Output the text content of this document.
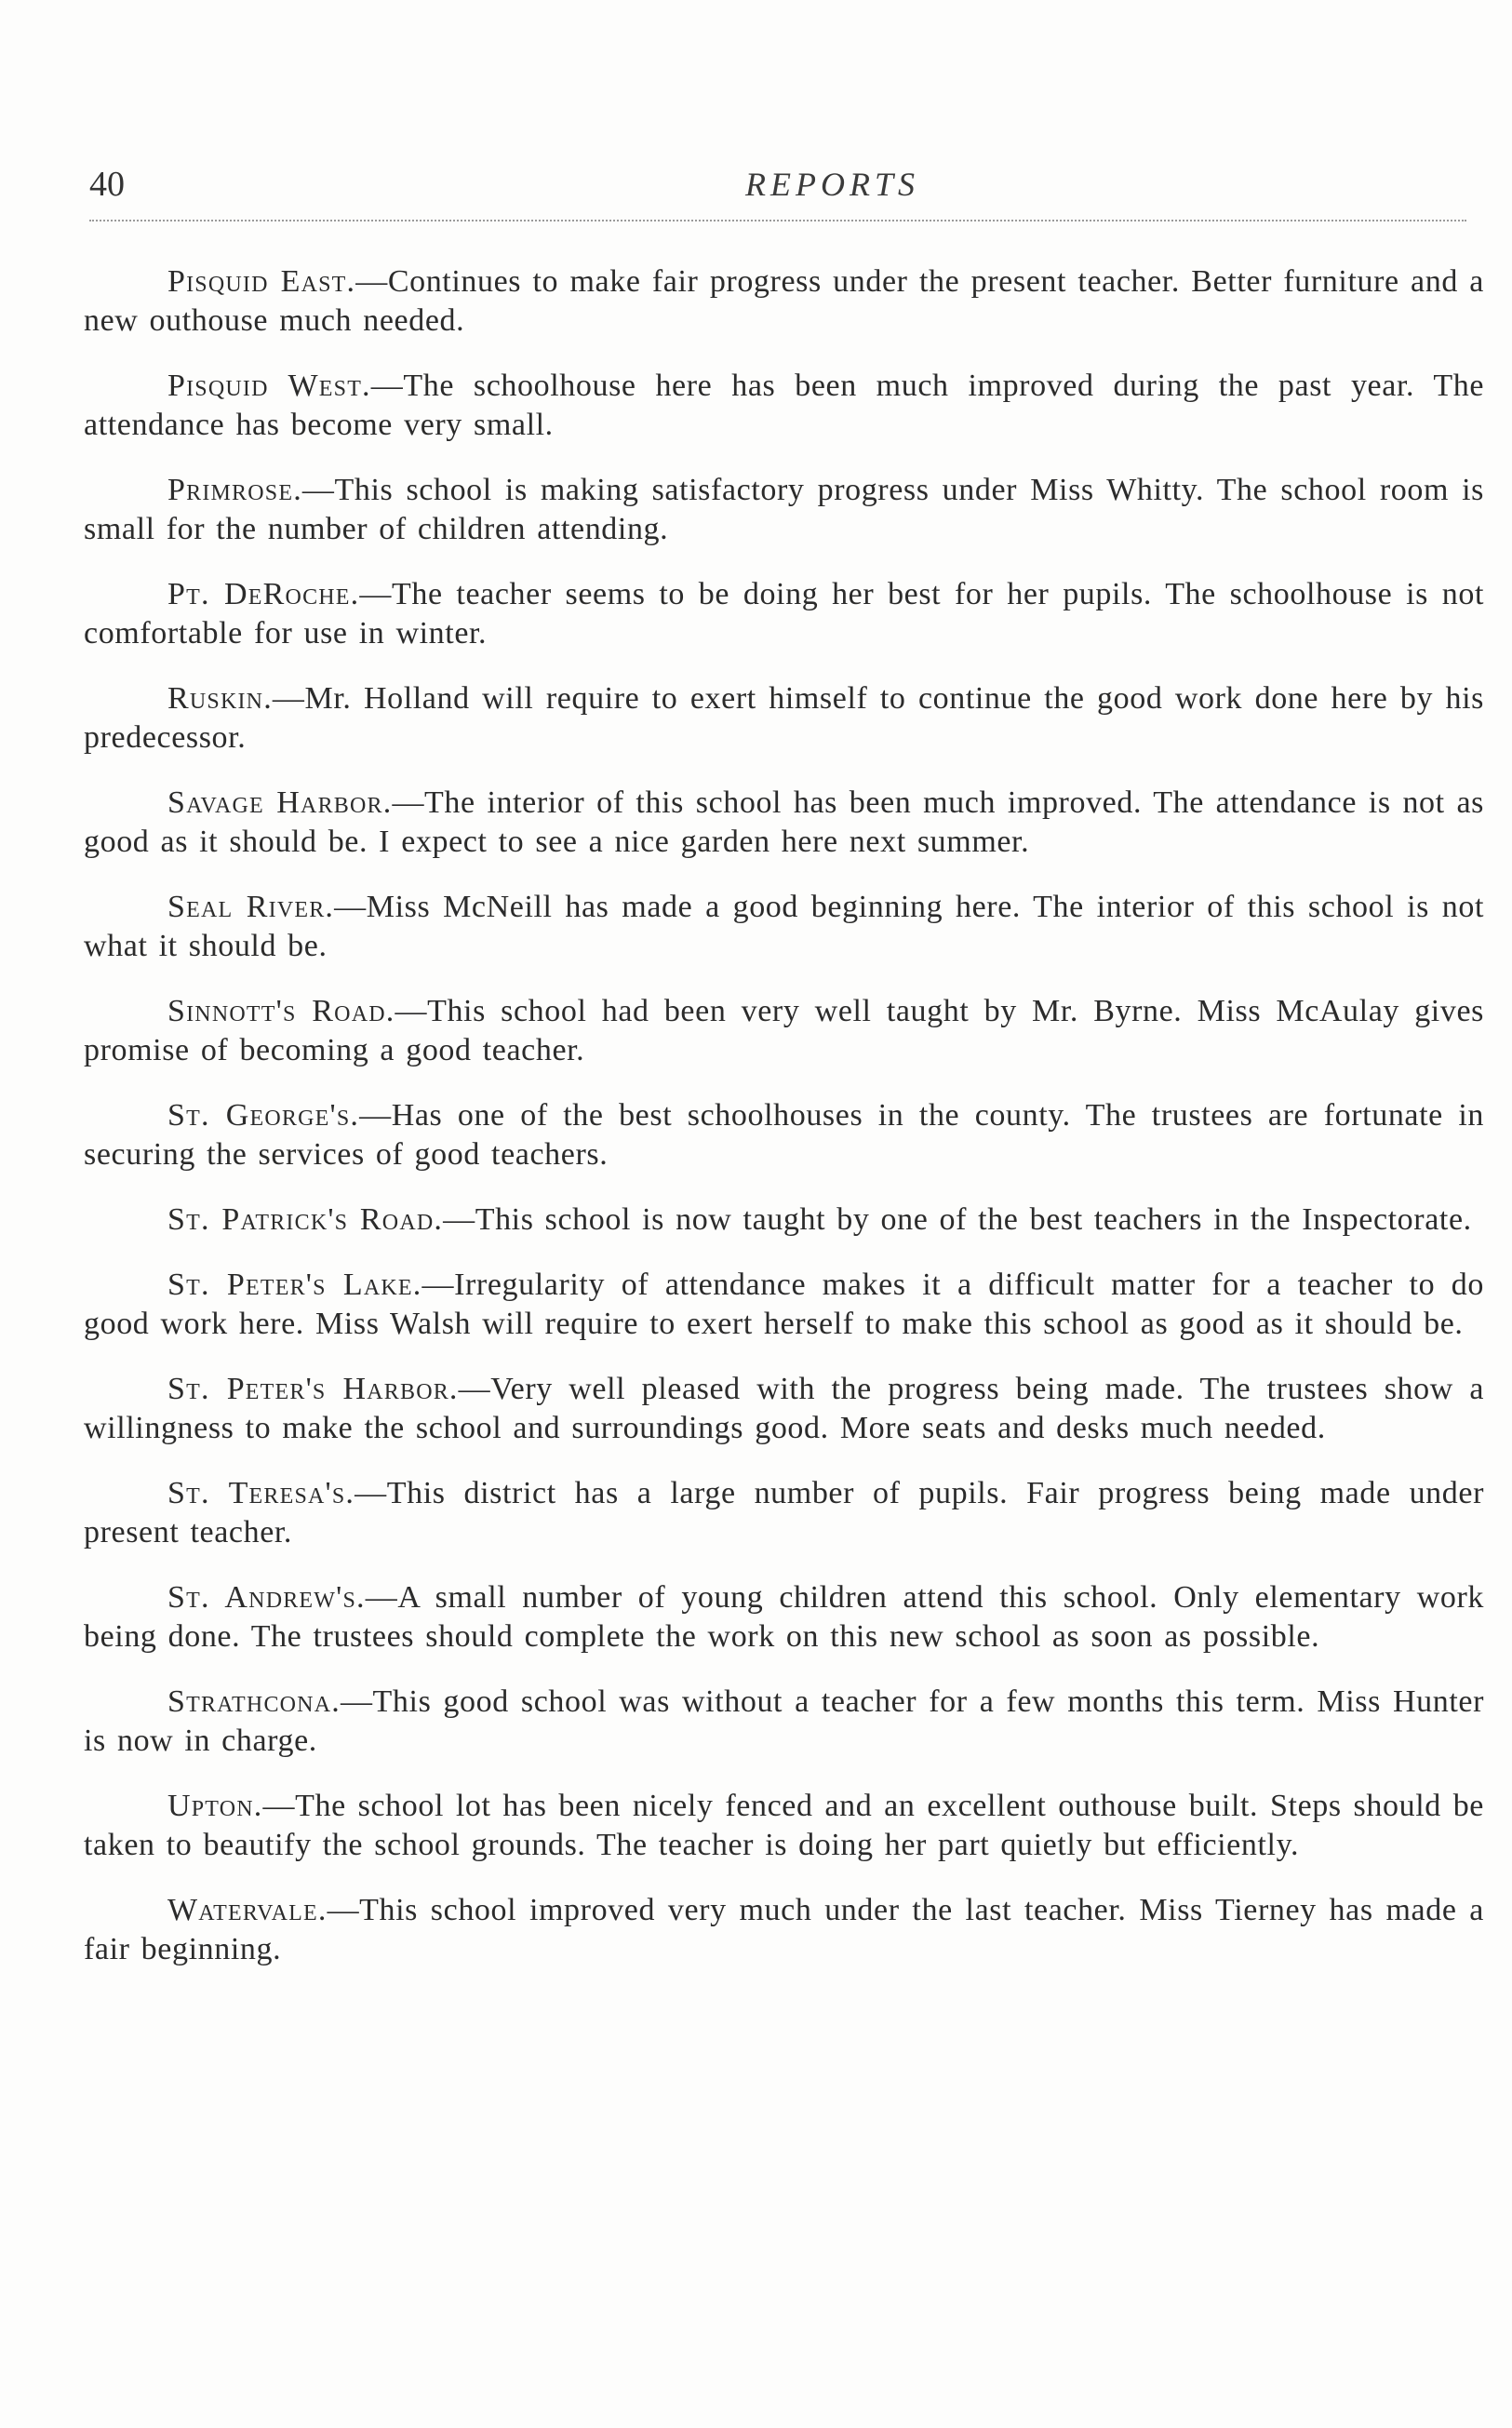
40	REPORTS

Pisquid East.—Continues to make fair progress under the present teacher. Better furniture and a new outhouse much needed.

Pisquid West.—The schoolhouse here has been much improved during the past year. The attendance has become very small.

Primrose.—This school is making satisfactory progress under Miss Whitty. The school room is small for the number of children attending.

Pt. DeRoche.—The teacher seems to be doing her best for her pupils. The schoolhouse is not comfortable for use in winter.

Ruskin.—Mr. Holland will require to exert himself to continue the good work done here by his predecessor.

Savage Harbor.—The interior of this school has been much improved. The attendance is not as good as it should be. I expect to see a nice garden here next summer.

Seal River.—Miss McNeill has made a good beginning here. The interior of this school is not what it should be.

Sinnott's Road.—This school had been very well taught by Mr. Byrne. Miss McAulay gives promise of becoming a good teacher.

St. George's.—Has one of the best schoolhouses in the county. The trustees are fortunate in securing the services of good teachers.

St. Patrick's Road.—This school is now taught by one of the best teachers in the Inspectorate.

St. Peter's Lake.—Irregularity of attendance makes it a difficult matter for a teacher to do good work here. Miss Walsh will require to exert herself to make this school as good as it should be.

St. Peter's Harbor.—Very well pleased with the progress being made. The trustees show a willingness to make the school and surroundings good. More seats and desks much needed.

St. Teresa's.—This district has a large number of pupils. Fair progress being made under present teacher.

St. Andrew's.—A small number of young children attend this school. Only elementary work being done. The trustees should complete the work on this new school as soon as possible.

Strathcona.—This good school was without a teacher for a few months this term. Miss Hunter is now in charge.

Upton.—The school lot has been nicely fenced and an excellent outhouse built. Steps should be taken to beautify the school grounds. The teacher is doing her part quietly but efficiently.

Watervale.—This school improved very much under the last teacher. Miss Tierney has made a fair beginning.
